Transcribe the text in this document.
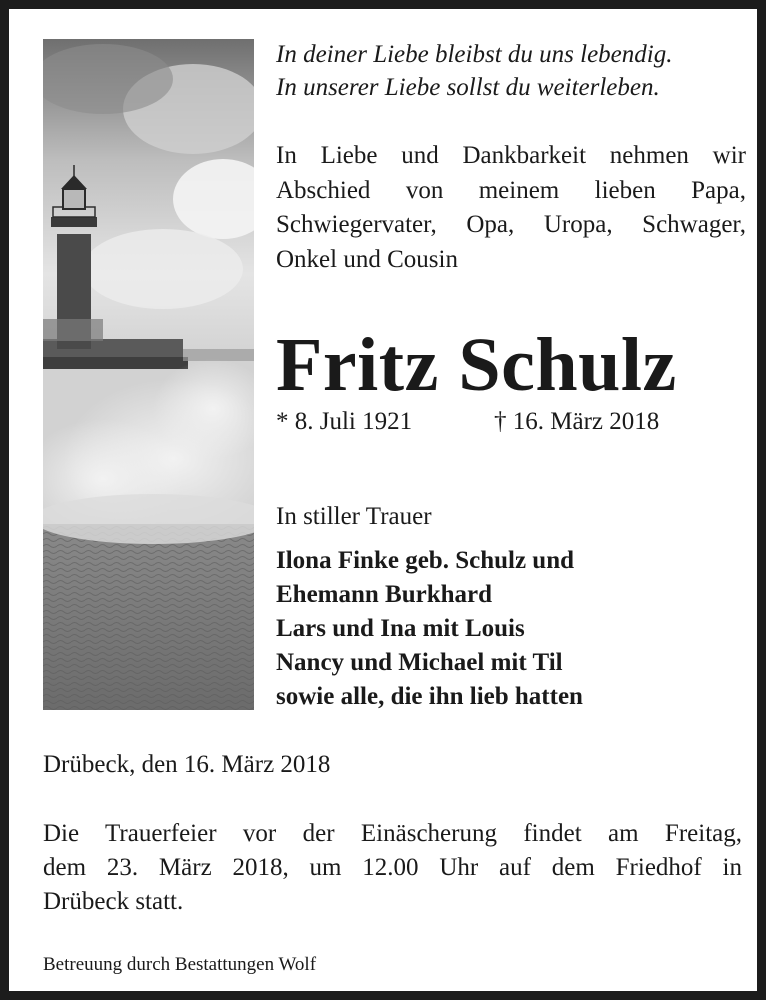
In deiner Liebe bleibst du uns lebendig.
In unserer Liebe sollst du weiterleben.
In Liebe und Dankbarkeit nehmen wir
Abschied von meinem lieben Papa,
Schwiegervater, Opa, Uropa, Schwager,
Onkel und Cousin
Fritz Schulz
* 8. Juli 1921	† 16. März 2018
In stiller Trauer
Ilona Finke geb. Schulz und
Ehemann Burkhard
Lars und Ina mit Louis
Nancy und Michael mit Til
sowie alle, die ihn lieb hatten
Drübeck, den 16. März 2018
Die Trauerfeier vor der Einäscherung findet am Freitag,
dem 23. März 2018, um 12.00 Uhr auf dem Friedhof in
Drübeck statt.
Betreuung durch Bestattungen Wolf
